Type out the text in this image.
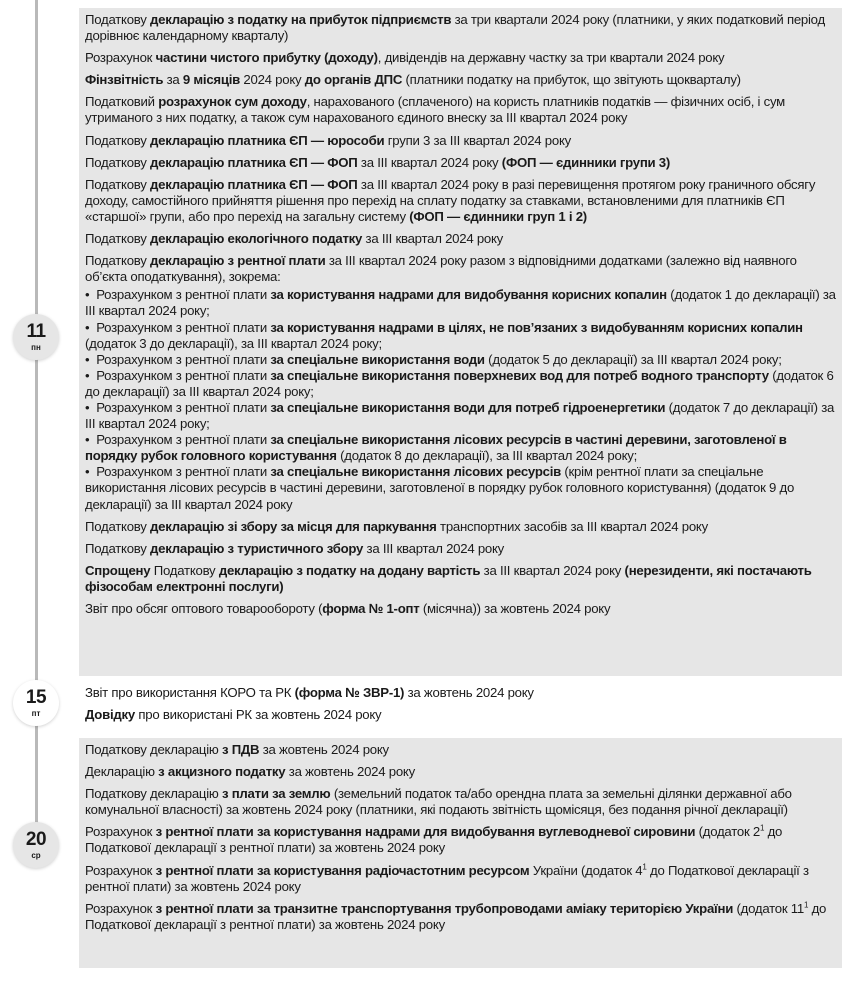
11
пн
15
пт
20
ср

Податкову декларацію з податку на прибуток підприємств за три квартали 2024 року (платники, у яких податковий період дорівнює календарному кварталу)

Розрахунок частини чистого прибутку (доходу), дивідендів на державну частку за три квартали 2024 року

Фінзвітність за 9 місяців 2024 року до органів ДПС (платники податку на прибуток, що звітують щокварталу)

Податковий розрахунок сум доходу, нарахованого (сплаченого) на користь платників податків — фізичних осіб, і сум утриманого з них податку, а також сум нарахованого єдиного внеску за III квартал 2024 року

Податкову декларацію платника ЄП — юрособи групи 3 за III квартал 2024 року

Податкову декларацію платника ЄП — ФОП за III квартал 2024 року (ФОП — єдинники групи 3)

Податкову декларацію платника ЄП — ФОП за III квартал 2024 року в разі перевищення протягом року граничного обсягу доходу, самостійного прийняття рішення про перехід на сплату податку за ставками, встановленими для платників ЄП «старшої» групи, або про перехід на загальну систему (ФОП — єдинники груп 1 і 2)

Податкову декларацію екологічного податку за III квартал 2024 року

Податкову декларацію з рентної плати за III квартал 2024 року разом з відповідними додатками (залежно від наявного об’єкта оподаткування), зокрема:

•  Розрахунком з рентної плати за користування надрами для видобування корисних копалин (додаток 1 до декларації) за III квартал 2024 року;

•  Розрахунком з рентної плати за користування надрами в цілях, не пов’язаних з видобуванням корисних копалин (додаток 3 до декларації), за III квартал 2024 року;

•  Розрахунком з рентної плати за спеціальне використання води (додаток 5 до декларації) за III квартал 2024 року;

•  Розрахунком з рентної плати за спеціальне використання поверхневих вод для потреб водного транспорту (додаток 6 до декларації) за III квартал 2024 року;

•  Розрахунком з рентної плати за спеціальне використання води для потреб гідроенергетики (додаток 7 до декларації) за III квартал 2024 року;

•  Розрахунком з рентної плати за спеціальне використання лісових ресурсів в частині деревини, заготовленої в порядку рубок головного користування (додаток 8 до декларації), за III квартал 2024 року;

•  Розрахунком з рентної плати за спеціальне використання лісових ресурсів (крім рентної плати за спеціальне використання лісових ресурсів в частині деревини, заготовленої в порядку рубок головного користування) (додаток 9 до декларації) за III квартал 2024 року

Податкову декларацію зі збору за місця для паркування транспортних засобів за III квартал 2024 року

Податкову декларацію з туристичного збору за III квартал 2024 року

Спрощену Податкову декларацію з податку на додану вартість за III квартал 2024 року (нерезиденти, які постачають фізособам електронні послуги)

Звіт про обсяг оптового товарообороту (форма № 1-опт (місячна)) за жовтень 2024 року

Звіт про використання КОРО та РК (форма № ЗВР-1) за жовтень 2024 року

Довідку про використані РК за жовтень 2024 року

Податкову декларацію з ПДВ за жовтень 2024 року

Декларацію з акцизного податку за жовтень 2024 року

Податкову декларацію з плати за землю (земельний податок та/або орендна плата за земельні ділянки державної або комунальної власності) за жовтень 2024 року (платники, які подають звітність щомісяця, без подання річної декларації)

Розрахунок з рентної плати за користування надрами для видобування вуглеводневої сировини (додаток $2^1$ до Податкової декларації з рентної плати) за жовтень 2024 року

Розрахунок з рентної плати за користування радіочастотним ресурсом України (додаток $4^1$ до Податкової декларації з рентної плати) за жовтень 2024 року

Розрахунок з рентної плати за транзитне транспортування трубопроводами аміаку територією України (додаток $11^1$ до Податкової декларації з рентної плати) за жовтень 2024 року
